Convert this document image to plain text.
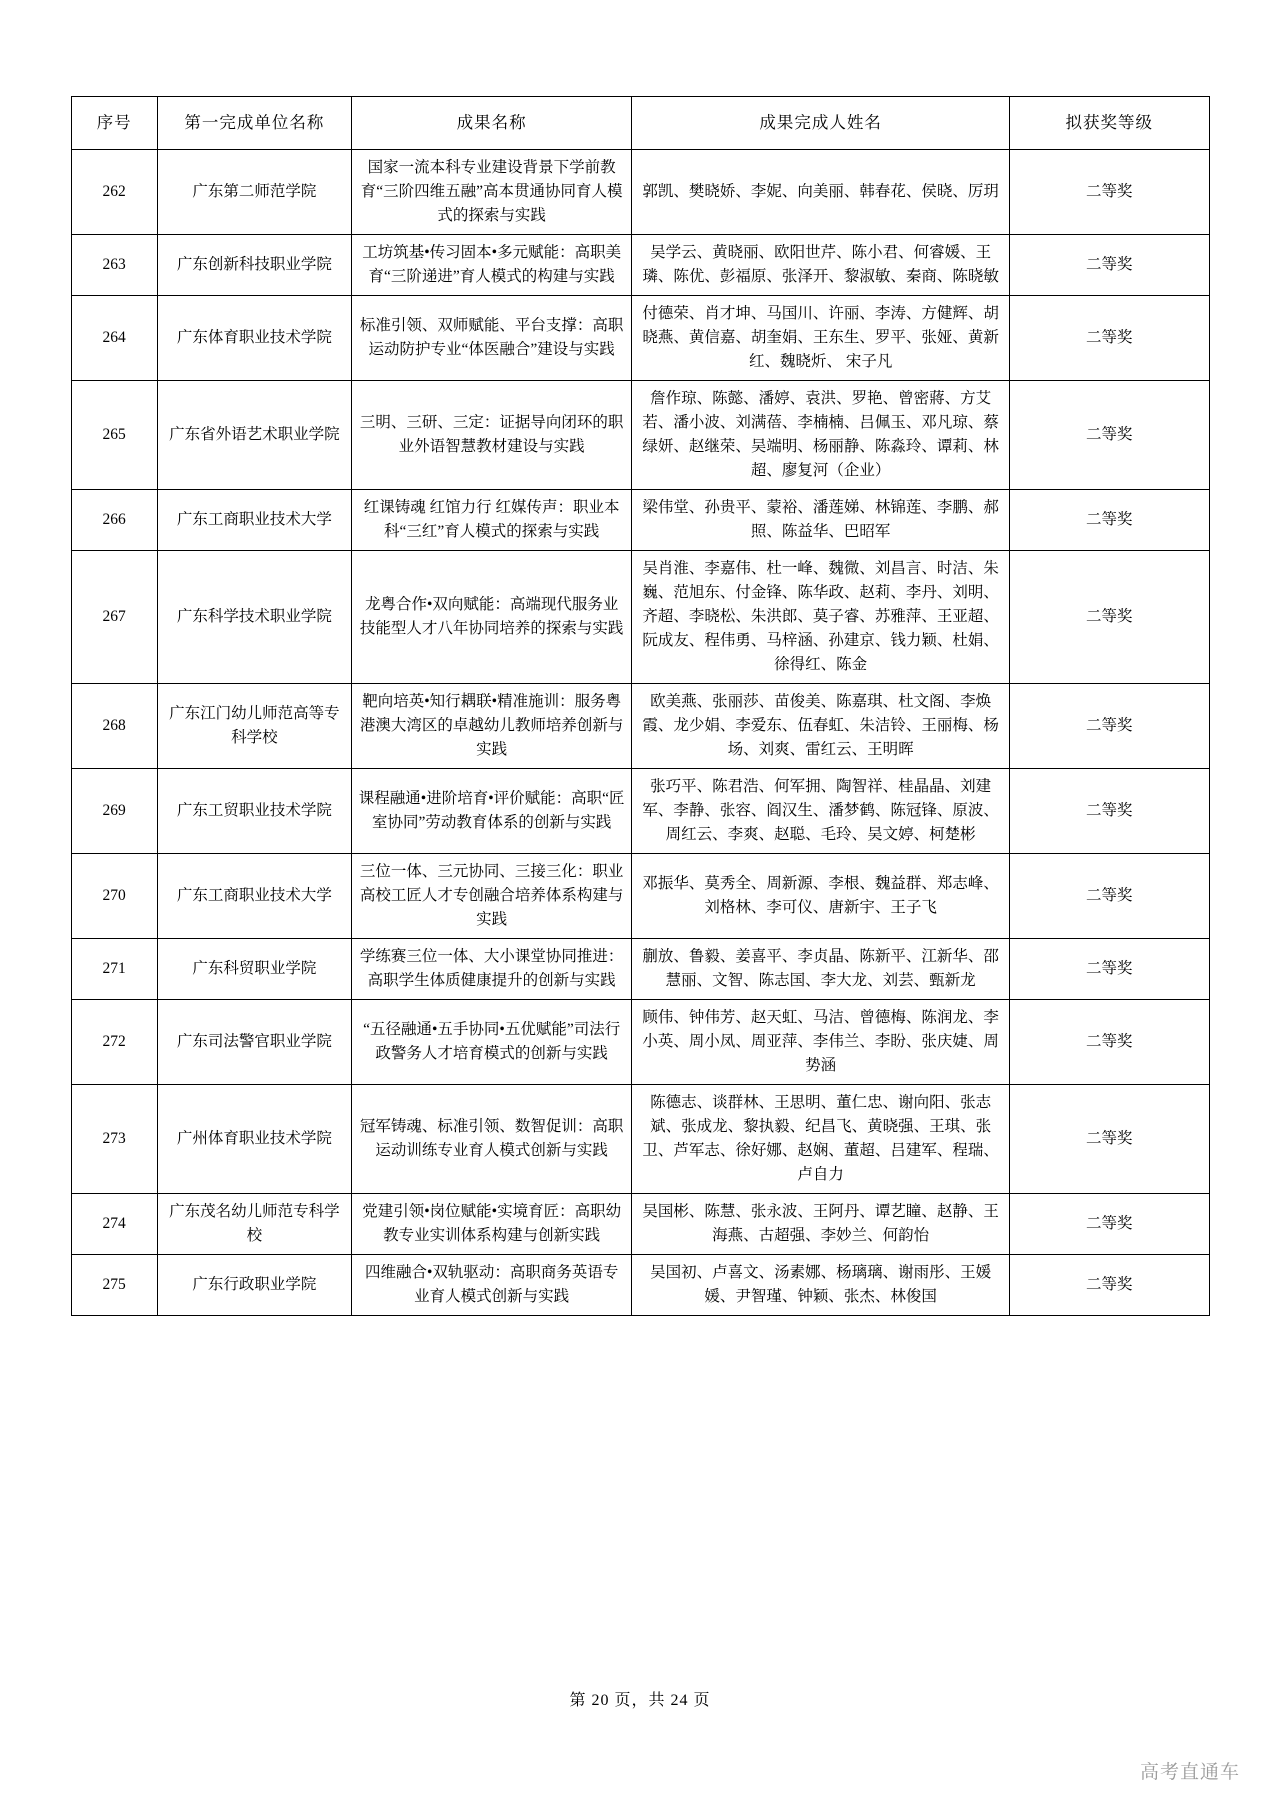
序号	第一完成单位名称	成果名称	成果完成人姓名	拟获奖等级
262	广东第二师范学院	国家一流本科专业建设背景下学前教育“三阶四维五融”高本贯通协同育人模式的探索与实践	郭凯、樊晓娇、李妮、向美丽、韩春花、侯晓、厉玥	二等奖
263	广东创新科技职业学院	工坊筑基•传习固本•多元赋能：高职美育“三阶递进”育人模式的构建与实践	吴学云、黄晓丽、欧阳世芹、陈小君、何睿媛、王璘、陈优、彭福原、张泽开、黎淑敏、秦商、陈晓敏	二等奖
264	广东体育职业技术学院	标准引领、双师赋能、平台支撑：高职运动防护专业“体医融合”建设与实践	付德荣、肖才坤、马国川、许丽、李涛、方健辉、胡晓燕、黄信嘉、胡奎娟、王东生、罗平、张娅、黄新红、魏晓炘、 宋子凡	二等奖
265	广东省外语艺术职业学院	三明、三研、三定：证据导向闭环的职业外语智慧教材建设与实践	詹作琼、陈懿、潘婷、袁洪、罗艳、曾密蔣、方艾若、潘小波、刘满蓓、李楠楠、吕佩玉、邓凡琼、蔡绿妍、赵继荣、吴端明、杨丽静、陈淼玲、谭莉、林超、廖复河（企业）	二等奖
266	广东工商职业技术大学	红课铸魂 红馆力行 红媒传声：职业本科“三红”育人模式的探索与实践	梁伟堂、孙贵平、蒙裕、潘莲娣、林锦莲、李鹏、郝照、陈益华、巴昭军	二等奖
267	广东科学技术职业学院	龙粤合作•双向赋能：高端现代服务业技能型人才八年协同培养的探索与实践	吴肖淮、李嘉伟、杜一峰、魏微、刘昌言、时洁、朱巍、范旭东、付金锋、陈华政、赵莉、李丹、刘明、齐超、李晓松、朱洪郎、莫子睿、苏雅萍、王亚超、阮成友、程伟勇、马梓涵、孙建京、钱力颖、杜娟、徐得红、陈金	二等奖
268	广东江门幼儿师范高等专科学校	靶向培英•知行耦联•精准施训：服务粤港澳大湾区的卓越幼儿教师培养创新与实践	欧美燕、张丽莎、苗俊美、陈嘉琪、杜文阁、李焕霞、龙少娟、李爱东、伍春虹、朱洁铃、王丽梅、杨场、刘爽、雷红云、王明晖	二等奖
269	广东工贸职业技术学院	课程融通•进阶培育•评价赋能：高职“匠室协同”劳动教育体系的创新与实践	张巧平、陈君浩、何军拥、陶智祥、桂晶晶、刘建军、李静、张容、阎汉生、潘梦鹤、陈冠锋、原波、周红云、李爽、赵聪、毛玲、吴文婷、柯楚彬	二等奖
270	广东工商职业技术大学	三位一体、三元协同、三接三化：职业高校工匠人才专创融合培养体系构建与实践	邓振华、莫秀全、周新源、李根、魏益群、郑志峰、刘格林、李可仪、唐新宇、王子飞	二等奖
271	广东科贸职业学院	学练赛三位一体、大小课堂协同推进：高职学生体质健康提升的创新与实践	蒯放、鲁毅、姜喜平、李贞晶、陈新平、江新华、邵慧丽、文智、陈志国、李大龙、刘芸、甄新龙	二等奖
272	广东司法警官职业学院	“五径融通•五手协同•五优赋能”司法行政警务人才培育模式的创新与实践	顾伟、钟伟芳、赵天虹、马洁、曾德梅、陈润龙、李小英、周小凤、周亚萍、李伟兰、李盼、张庆婕、周势涵	二等奖
273	广州体育职业技术学院	冠军铸魂、标准引领、数智促训：高职运动训练专业育人模式创新与实践	陈德志、谈群林、王思明、董仁忠、谢向阳、张志斌、张成龙、黎执毅、纪昌飞、黄晓强、王琪、张卫、芦军志、徐好娜、赵娴、董超、吕建军、程瑞、卢自力	二等奖
274	广东茂名幼儿师范专科学校	党建引领•岗位赋能•实境育匠：高职幼教专业实训体系构建与创新实践	吴国彬、陈慧、张永波、王阿丹、谭艺瞳、赵静、王海燕、古超强、李妙兰、何韵怡	二等奖
275	广东行政职业学院	四维融合•双轨驱动：高职商务英语专业育人模式创新与实践	吴国初、卢喜文、汤素娜、杨璃璃、谢雨彤、王媛媛、尹智瑾、钟颖、张杰、林俊国	二等奖
第 20 页，共 24 页
高考直通车
